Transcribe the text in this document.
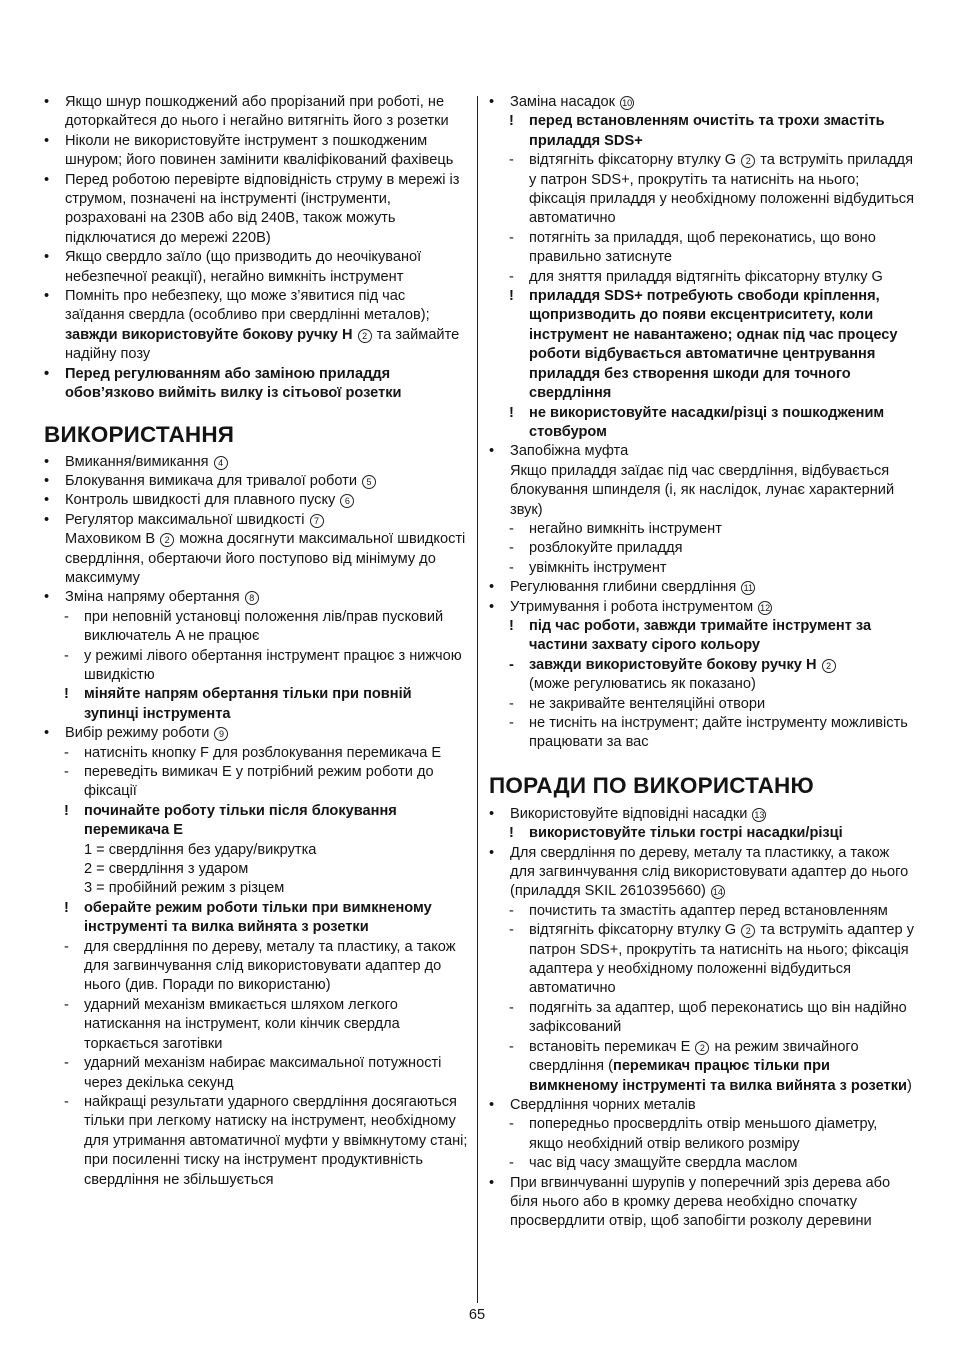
• Якщо шнур пошкоджений або прорізаний при роботі, не доторкайтеся до нього і негайно витягніть його з розетки
• Ніколи не використовуйте інструмент з пошкодженим шнуром; його повинен замінити кваліфікований фахівець
• Перед роботою перевірте відповідність струму в мережі із струмом, позначені на інструменті (інструменти, розраховані на 230В або від 240В, також можуть підключатися до мережі 220В)
• Якщо свердло заїло (що призводить до неочікуваної небезпечної реакції), негайно вимкніть інструмент
• Помніть про небезпеку, що може з’явитися під час заїдання свердла (особливо при свердлінні металов); завжди використовуйте бокову ручку H 2 та займайте надійну позу
• Перед регулюванням або заміною приладдя обов’язково вийміть вилку із сітьової розетки
ВИКОРИСТАННЯ
• Вмикання/вимикання 4
• Блокування вимикача для тривалої роботи 5
• Контроль швидкості для плавного пуску 6
• Регулятор максимальної швидкості 7
Маховиком B 2 можна досягнути максимальної швидкості свердління, обертаючи його поступово від мінімуму до максимуму
• Зміна напряму обертання 8
- при неповній установці положення лів/прав пусковий виключатель A не працює
- у режимі лівого обертання інструмент працює з нижчою швидкістю
! міняйте напрям обертання тільки при повній зупинці інструмента
• Вибір режиму роботи 9
- натисніть кнопку F для розблокування перемикача E
- переведіть вимикач E у потрібний режим роботи до фіксації
! починайте роботу тільки після блокування перемикача E
1 = свердління без удару/викрутка
2 = свердління з ударом
3 = пробійний режим з різцем
! оберайте режим роботи тільки при вимкненому інструменті та вилка вийнята з розетки
- для свердління по дереву, металу та пластику, а також для загвинчування слід використовувати адаптер до нього (див. Поради по використаню)
- ударний механізм вмикається шляхом легкого натискання на інструмент, коли кінчик свердла торкається заготівки
- ударний механізм набирає максимальної потужності через декілька секунд
- найкращі результати ударного свердління досягаються тільки при легкому натиску на інструмент, необхідному для утримання автоматичної муфти у ввімкнутому стані; при посиленні тиску на інструмент продуктивність свердління не збільшується
• Заміна насадок 10
! перед встановленням очистіть та трохи змастіть приладдя SDS+
- відтягніть фіксаторну втулку G 2 та вструміть приладдя у патрон SDS+, прокрутіть та натисніть на нього; фіксація приладдя у необхідному положенні відбудиться автоматично
- потягніть за приладдя, щоб переконатись, що воно правильно затиснуте
- для зняття приладдя відтягніть фіксаторну втулку G
! приладдя SDS+ потребують свободи кріплення, щопризводить до появи ексцентриситету, коли інструмент не навантажено; однак під час процесу роботи відбувається автоматичне центрування приладдя без створення шкоди для точного свердління
! не використовуйте насадки/різці з пошкодженим стовбуром
• Запобіжна муфта
Якщо приладдя заїдає під час свердління, відбувається блокування шпинделя (і, як наслідок, лунає характерний звук)
- негайно вимкніть інструмент
- розблокуйте приладдя
- увімкніть інструмент
• Регулювання глибини свердління 11
• Утримування і робота інструментом 12
! під час роботи, завжди тримайте інструмент за частини захвату сірого кольору
- завжди використовуйте бокову ручку H 2
(може регулюватись як показано)
- не закривайте вентеляційні отвори
- не тисніть на інструмент; дайте інструменту можливість працювати за вас
ПОРАДИ ПО ВИКОРИСТАНЮ
• Використовуйте відповідні насадки 13
! використовуйте тільки гострі насадки/різці
• Для свердління по дереву, металу та пластикку, а також для загвинчування слід використовувати адаптер до нього (приладдя SKIL 2610395660) 14
- почистить та змастіть адаптер перед встановленням
- відтягніть фіксаторну втулку G 2 та вструміть адаптер у патрон SDS+, прокрутіть та натисніть на нього; фіксація адаптера у необхідному положенні відбудиться автоматично
- подягніть за адаптер, щоб переконатись що він надійно зафіксований
- встановіть перемикач E 2 на режим звичайного свердління (перемикач працює тільки при вимкненому інструменті та вилка вийнята з розетки)
• Свердління чорних металів
- попередньо просвердліть отвір меньшого діаметру, якщо необхідний отвір великого розміру
- час від часу змащуйте свердла маслом
• При вгвинчуванні шурупів у поперечний зріз дерева або біля нього або в кромку дерева необхідно спочатку просвердлити отвір, щоб запобігти розколу деревини
65
